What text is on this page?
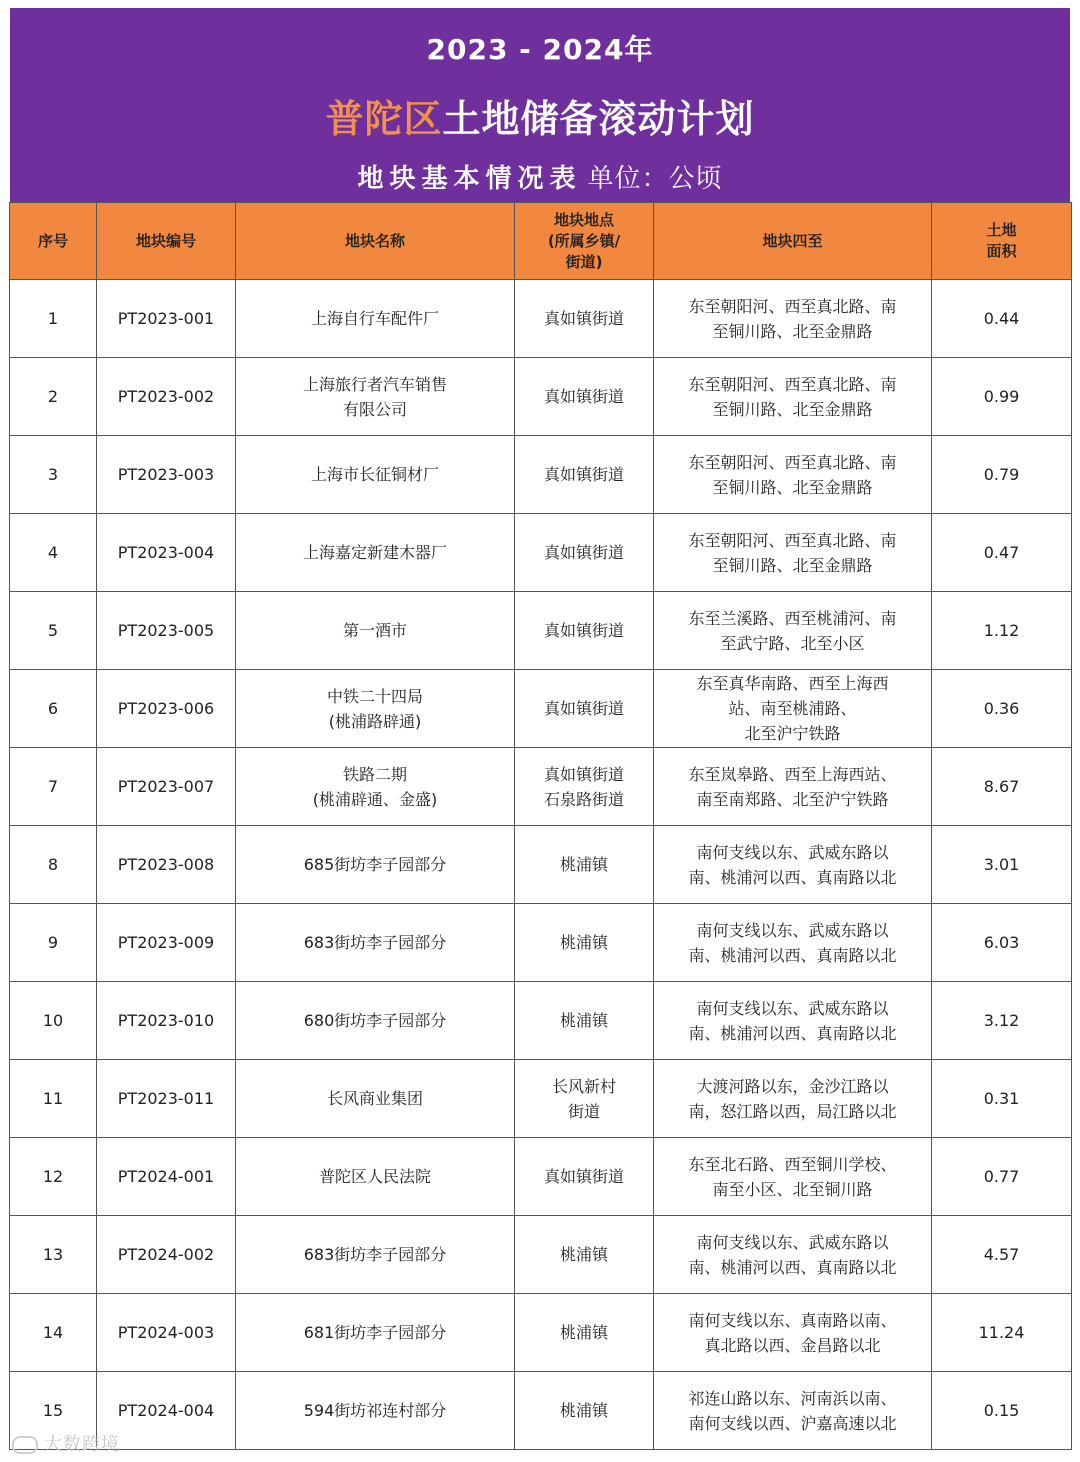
2023 - 2024年
普陀区土地储备滚动计划
地块基本情况表 单位：公顷
序号	地块编号	地块名称	地块地点
(所属乡镇/
街道)	地块四至	土地
面积
1	PT2023-001	上海自行车配件厂	真如镇街道	东至朝阳河、西至真北路、南
至铜川路、北至金鼎路	0.44
2	PT2023-002	上海旅行者汽车销售
有限公司	真如镇街道	东至朝阳河、西至真北路、南
至铜川路、北至金鼎路	0.99
3	PT2023-003	上海市长征铜材厂	真如镇街道	东至朝阳河、西至真北路、南
至铜川路、北至金鼎路	0.79
4	PT2023-004	上海嘉定新建木器厂	真如镇街道	东至朝阳河、西至真北路、南
至铜川路、北至金鼎路	0.47
5	PT2023-005	第一酒市	真如镇街道	东至兰溪路、西至桃浦河、南
至武宁路、北至小区	1.12
6	PT2023-006	中铁二十四局
(桃浦路辟通)	真如镇街道	东至真华南路、西至上海西
站、南至桃浦路、
北至沪宁铁路	0.36
7	PT2023-007	铁路二期
(桃浦辟通、金盛)	真如镇街道
石泉路街道	东至岚皋路、西至上海西站、
南至南郑路、北至沪宁铁路	8.67
8	PT2023-008	685街坊李子园部分	桃浦镇	南何支线以东、武威东路以
南、桃浦河以西、真南路以北	3.01
9	PT2023-009	683街坊李子园部分	桃浦镇	南何支线以东、武威东路以
南、桃浦河以西、真南路以北	6.03
10	PT2023-010	680街坊李子园部分	桃浦镇	南何支线以东、武威东路以
南、桃浦河以西、真南路以北	3.12
11	PT2023-011	长风商业集团	长风新村
街道	大渡河路以东，金沙江路以
南，怒江路以西，局江路以北	0.31
12	PT2024-001	普陀区人民法院	真如镇街道	东至北石路、西至铜川学校、
南至小区、北至铜川路	0.77
13	PT2024-002	683街坊李子园部分	桃浦镇	南何支线以东、武威东路以
南、桃浦河以西、真南路以北	4.57
14	PT2024-003	681街坊李子园部分	桃浦镇	南何支线以东、真南路以南、
真北路以西、金昌路以北	11.24
15	PT2024-004	594街坊祁连村部分	桃浦镇	祁连山路以东、河南浜以南、
南何支线以西、沪嘉高速以北	0.15
大数跨境
